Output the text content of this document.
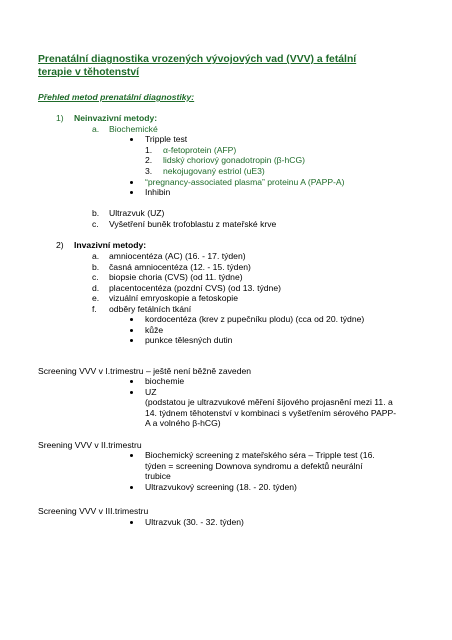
Prenatální diagnostika vrozených vývojových vad (VVV) a fetální
terapie v těhotenství
Přehled metod prenatální diagnostiky:
1) Neinvazivní metody:
a. Biochemické
Tripple test
1. α-fetoprotein (AFP)
2. lidský choriový gonadotropin (β-hCG)
3. nekojugovaný estriol (uE3)
“pregnancy-associated plasma” proteinu A (PAPP-A)
Inhibin
b. Ultrazvuk (UZ)
c. Vyšetření buněk trofoblastu z mateřské krve
2) Invazivní metody:
a. amniocentéza (AC) (16. - 17. týden)
b. časná amniocentéza (12. - 15. týden)
c. biopsie choria (CVS) (od 11. týdne)
d. placentocentéza (pozdní CVS) (od 13. týdne)
e. vizuální emryoskopie a fetoskopie
f. odběry fetálních tkání
kordocentéza (krev z pupečníku plodu) (cca od 20. týdne)
kůže
punkce tělesných dutin
Screening VVV v I.trimestru – ještě není běžně zaveden
biochemie
UZ
(podstatou je ultrazvukové měření šíjového projasnění mezi 11. a
14. týdnem těhotenství v kombinaci s vyšetřením sérového PAPP-
A a volného β-hCG)
Sreening VVV v II.trimestru
Biochemický screening z mateřského séra – Tripple test (16.
týden = screening Downova syndromu a defektů neurální
trubice
Ultrazvukový screening (18. - 20. týden)
Screening VVV v III.trimestru
Ultrazvuk (30. - 32. týden)
